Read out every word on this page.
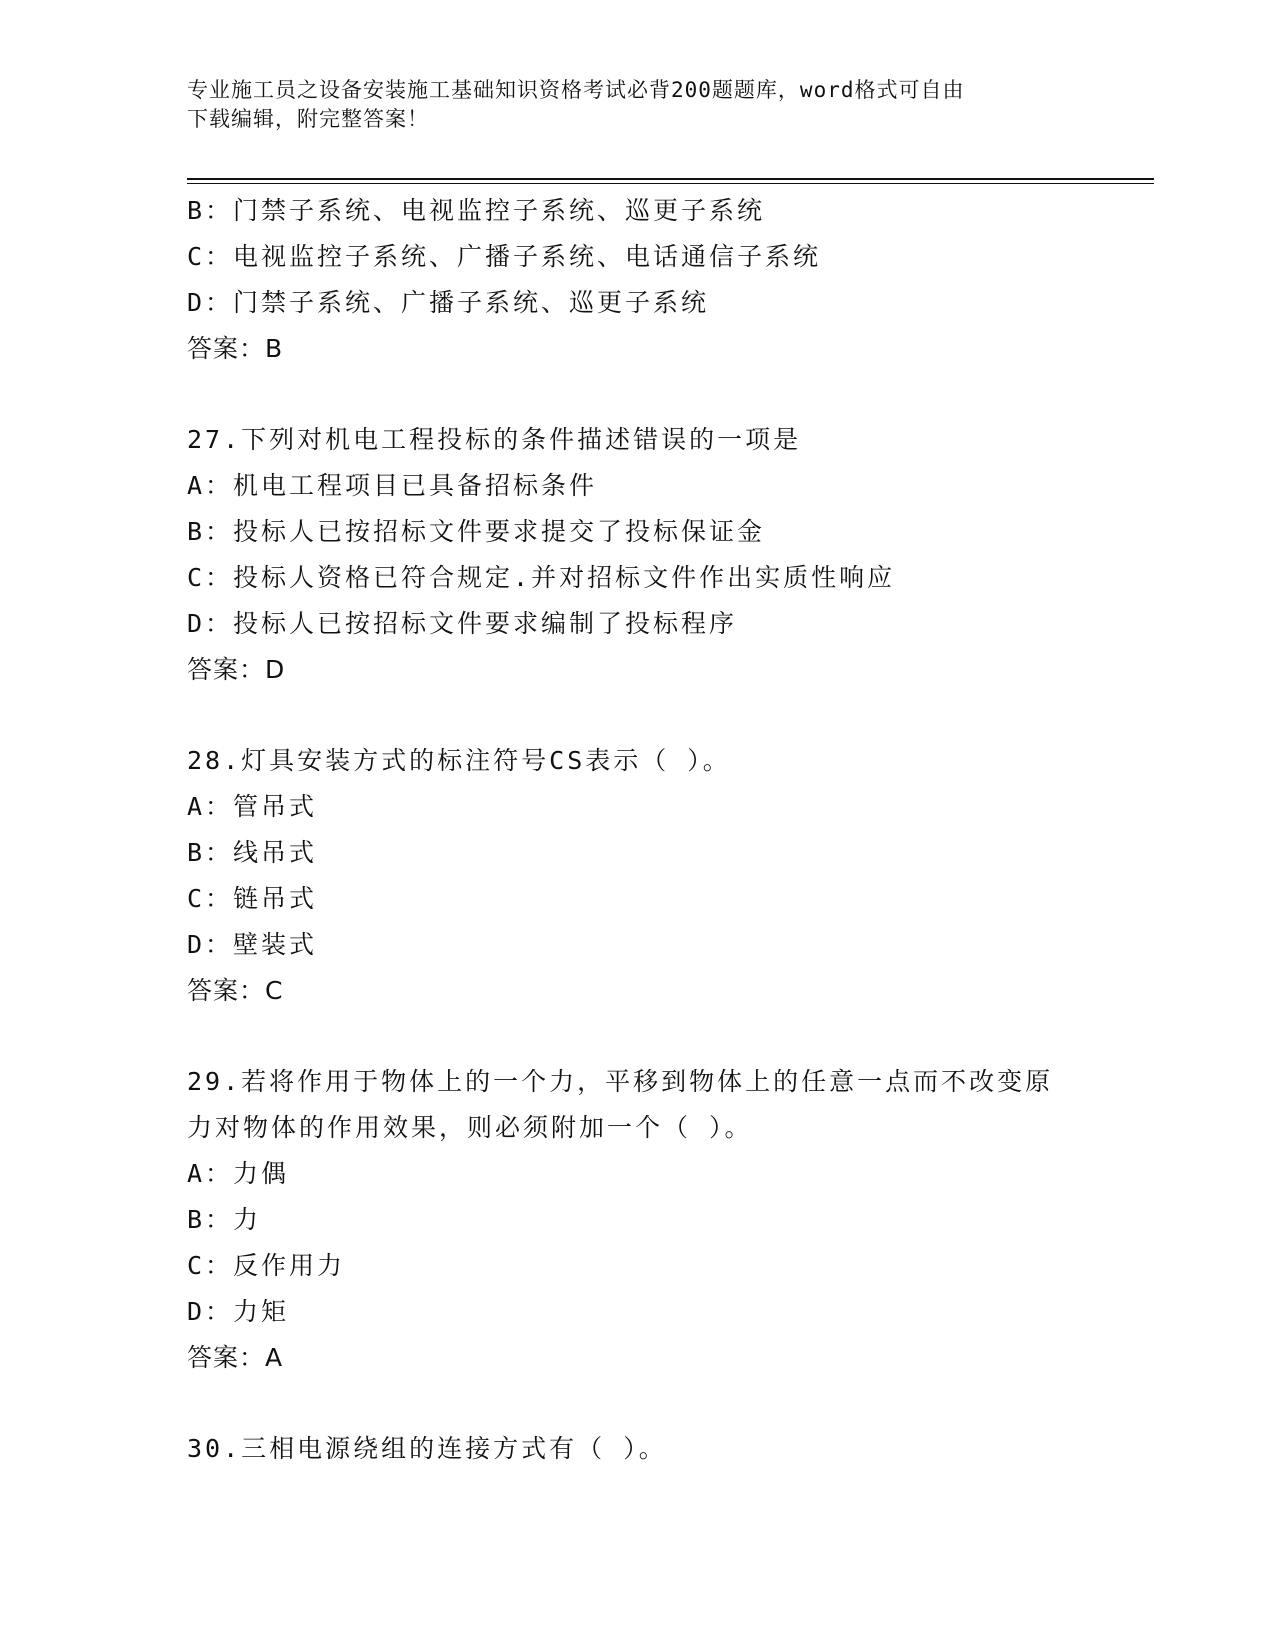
专业施工员之设备安装施工基础知识资格考试必背200题题库，word格式可自由
下载编辑，附完整答案！
B：门禁子系统、电视监控子系统、巡更子系统
C：电视监控子系统、广播子系统、电话通信子系统
D：门禁子系统、广播子系统、巡更子系统
答案：B
27.下列对机电工程投标的条件描述错误的一项是
A：机电工程项目已具备招标条件
B：投标人已按招标文件要求提交了投标保证金
C：投标人资格已符合规定.并对招标文件作出实质性响应
D：投标人已按招标文件要求编制了投标程序
答案：D
28.灯具安装方式的标注符号CS表示（ ）。
A：管吊式
B：线吊式
C：链吊式
D：壁装式
答案：C
29.若将作用于物体上的一个力，平移到物体上的任意一点而不改变原
力对物体的作用效果，则必须附加一个（ ）。
A：力偶
B：力
C：反作用力
D：力矩
答案：A
30.三相电源绕组的连接方式有（ ）。
